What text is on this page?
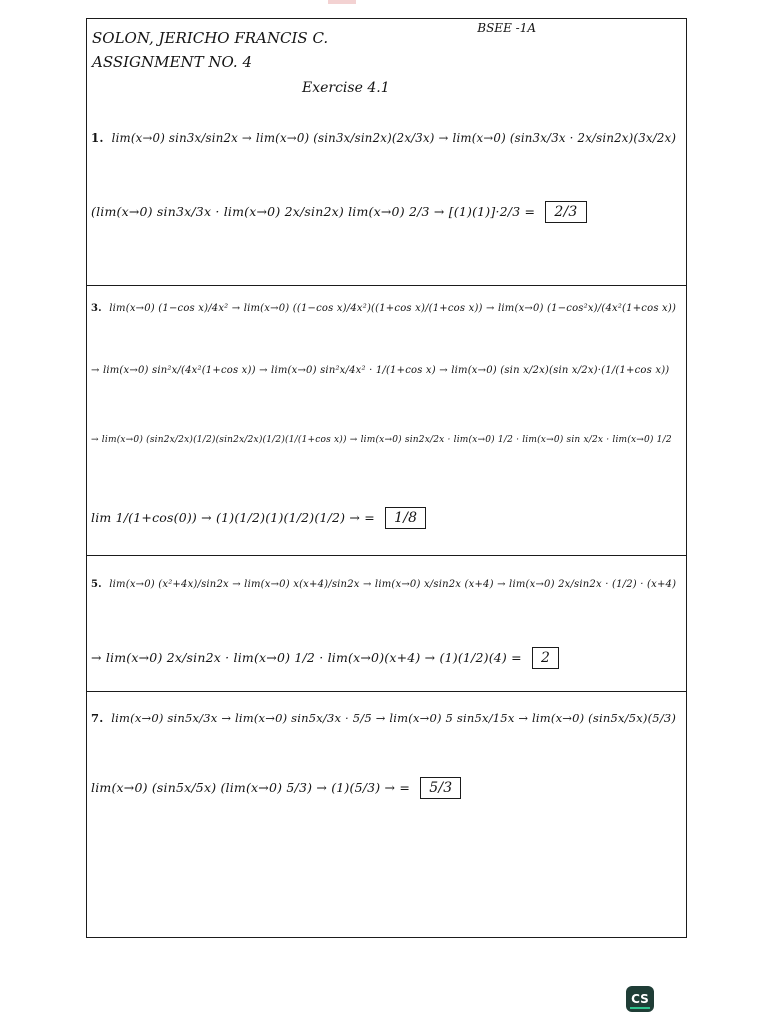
SOLON, JERICHO FRANCIS C.
ASSIGNMENT NO. 4
BSEE -1A
Exercise 4.1
1. lim(x→0) sin3x/sin2x → lim(x→0) (sin3x/sin2x)(2x/3x) → lim(x→0) (sin3x/3x · 2x/sin2x)(3x/2x)
(lim(x→0) sin3x/3x · lim(x→0) 2x/sin2x) lim(x→0) 2/3 → [(1)(1)]·2/3 = 2/3
3. lim(x→0) (1−cos x)/4x² → lim(x→0) ((1−cos x)/4x²)((1+cos x)/(1+cos x)) → lim(x→0) (1−cos²x)/(4x²(1+cos x))
→ lim(x→0) sin²x/(4x²(1+cos x)) → lim(x→0) sin²x/4x² · 1/(1+cos x) → lim(x→0) (sin x/2x)(sin x/2x)·(1/(1+cos x))
→ lim(x→0) (sin2x/2x)(1/2)(sin2x/2x)(1/2)(1/(1+cos x)) → lim(x→0) sin2x/2x · lim(x→0) 1/2 · lim(x→0) sin x/2x · lim(x→0) 1/2
lim 1/(1+cos(0)) → (1)(1/2)(1)(1/2)(1/2) → = 1/8
5. lim(x→0) (x²+4x)/sin2x → lim(x→0) x(x+4)/sin2x → lim(x→0) x/sin2x (x+4) → lim(x→0) 2x/sin2x · (1/2) · (x+4)
→ lim(x→0) 2x/sin2x · lim(x→0) 1/2 · lim(x→0)(x+4) → (1)(1/2)(4) = 2
7. lim(x→0) sin5x/3x → lim(x→0) sin5x/3x · 5/5 → lim(x→0) 5 sin5x/15x → lim(x→0) (sin5x/5x)(5/3)
lim(x→0) (sin5x/5x) (lim(x→0) 5/3) → (1)(5/3) → = 5/3
CS
